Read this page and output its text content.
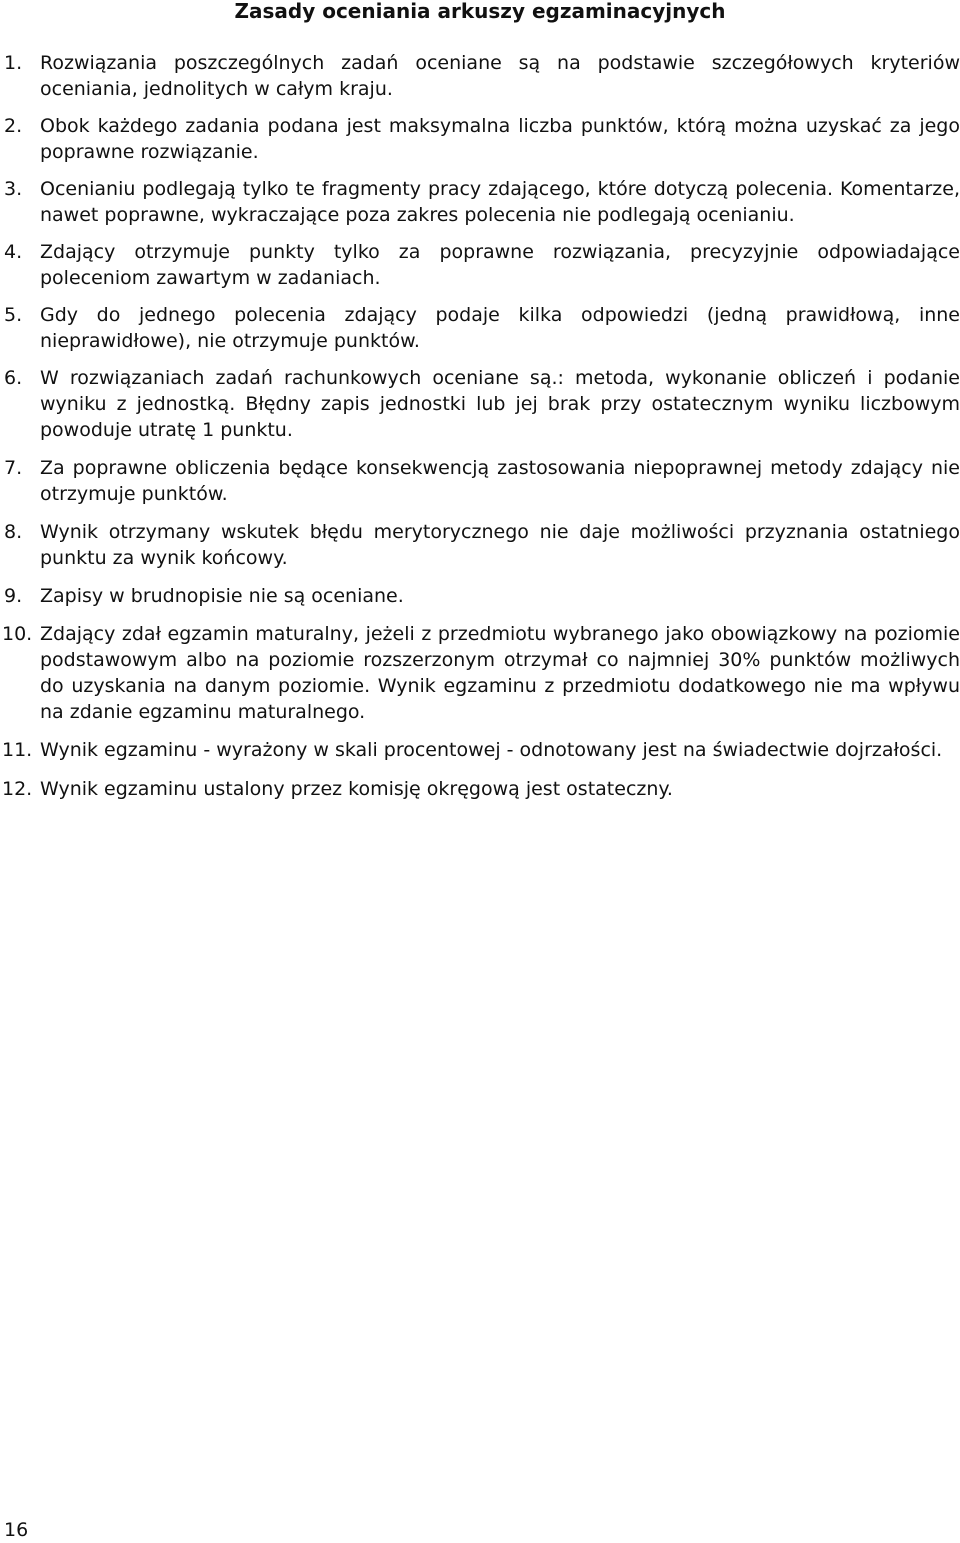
Zasady oceniania arkuszy egzaminacyjnych
1. Rozwiązania poszczególnych zadań oceniane są na podstawie szczegółowych kryteriów oceniania, jednolitych w całym kraju.
2. Obok każdego zadania podana jest maksymalna liczba punktów, którą można uzyskać za jego poprawne rozwiązanie.
3. Ocenianiu podlegają tylko te fragmenty pracy zdającego, które dotyczą polecenia. Komentarze, nawet poprawne, wykraczające poza zakres polecenia nie podlegają ocenianiu.
4. Zdający otrzymuje punkty tylko za poprawne rozwiązania, precyzyjnie odpowiadające poleceniom zawartym w zadaniach.
5. Gdy do jednego polecenia zdający podaje kilka odpowiedzi (jedną prawidłową, inne nieprawidłowe), nie otrzymuje punktów.
6. W rozwiązaniach zadań rachunkowych oceniane są.: metoda, wykonanie obliczeń i podanie wyniku z jednostką. Błędny zapis jednostki lub jej brak przy ostatecznym wyniku liczbowym powoduje utratę 1 punktu.
7. Za poprawne obliczenia będące konsekwencją zastosowania niepoprawnej metody zdający nie otrzymuje punktów.
8. Wynik otrzymany wskutek błędu merytorycznego nie daje możliwości przyznania ostatniego punktu za wynik końcowy.
9. Zapisy w brudnopisie nie są oceniane.
10. Zdający zdał egzamin maturalny, jeżeli z przedmiotu wybranego jako obowiązkowy na poziomie podstawowym albo na poziomie rozszerzonym otrzymał co najmniej 30% punktów możliwych do uzyskania na danym poziomie. Wynik egzaminu z przedmiotu dodatkowego nie ma wpływu na zdanie egzaminu maturalnego.
11. Wynik egzaminu - wyrażony w skali procentowej - odnotowany jest na świadectwie dojrzałości.
12. Wynik egzaminu ustalony przez komisję okręgową jest ostateczny.

16
